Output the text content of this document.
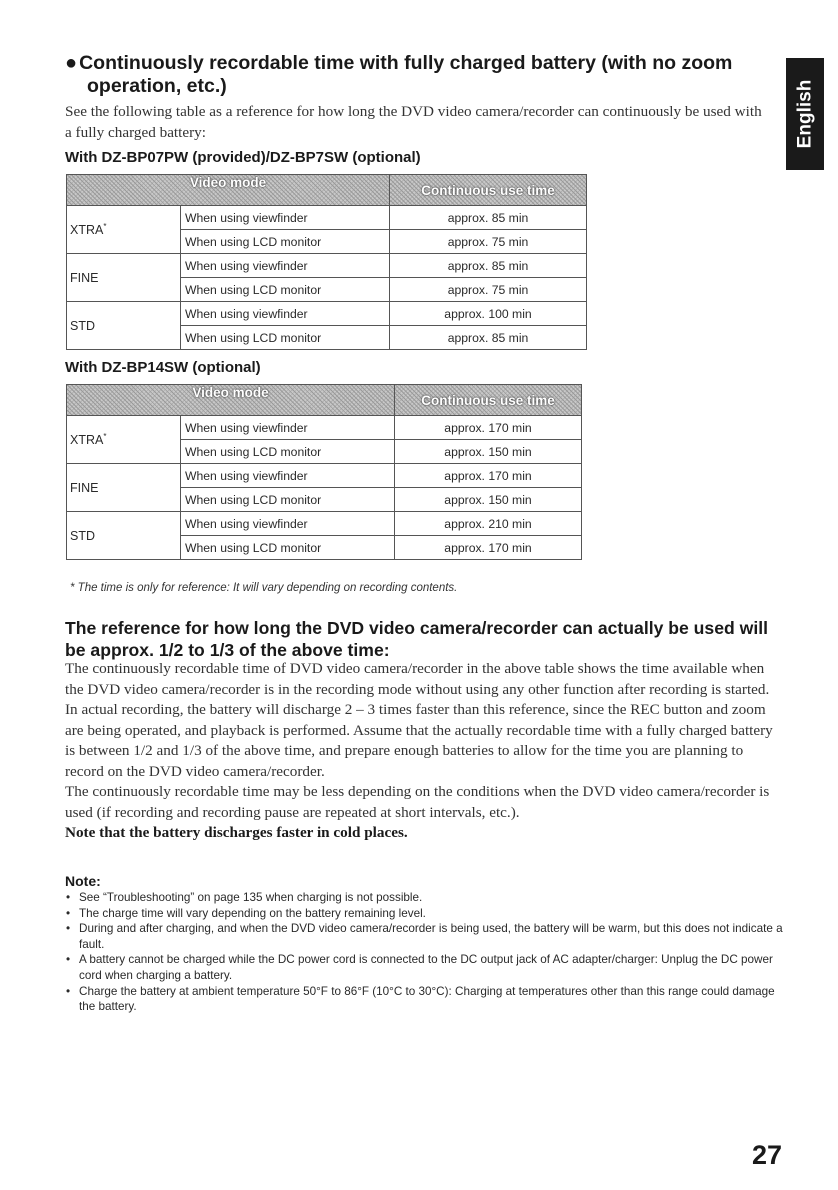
English
● Continuously recordable time with fully charged battery (with no zoom
operation, etc.)
See the following table as a reference for how long the DVD video camera/recorder can continuously be used with a fully charged battery:
With DZ-BP07PW (provided)/DZ-BP7SW (optional)
Video mode		Continuous use time
XTRA*	When using viewfinder	approx. 85 min
	When using LCD monitor	approx. 75 min
FINE	When using viewfinder	approx. 85 min
	When using LCD monitor	approx. 75 min
STD	When using viewfinder	approx. 100 min
	When using LCD monitor	approx. 85 min
With DZ-BP14SW (optional)
Video mode		Continuous use time
XTRA*	When using viewfinder	approx. 170 min
	When using LCD monitor	approx. 150 min
FINE	When using viewfinder	approx. 170 min
	When using LCD monitor	approx. 150 min
STD	When using viewfinder	approx. 210 min
	When using LCD monitor	approx. 170 min
* The time is only for reference: It will vary depending on recording contents.
The reference for how long the DVD video camera/recorder can actually be used will be approx. 1/2 to 1/3 of the above time:

The continuously recordable time of DVD video camera/recorder in the above table shows the time available when the DVD video camera/recorder is in the recording mode without using any other function after recording is started. In actual recording, the battery will discharge 2 – 3 times faster than this reference, since the REC button and zoom are being operated, and playback is performed. Assume that the actually recordable time with a fully charged battery is between 1/2 and 1/3 of the above time, and prepare enough batteries to allow for the time you are planning to record on the DVD video camera/recorder.

The continuously recordable time may be less depending on the conditions when the DVD video camera/recorder is used (if recording and recording pause are repeated at short intervals, etc.).

Note that the battery discharges faster in cold places.

Note:
• See “Troubleshooting” on page 135 when charging is not possible.
• The charge time will vary depending on the battery remaining level.
• During and after charging, and when the DVD video camera/recorder is being used, the battery will be warm, but this does not indicate a fault.
• A battery cannot be charged while the DC power cord is connected to the DC output jack of AC adapter/charger: Unplug the DC power cord when charging a battery.
• Charge the battery at ambient temperature 50°F to 86°F (10°C to 30°C): Charging at temperatures other than this range could damage the battery.
27
